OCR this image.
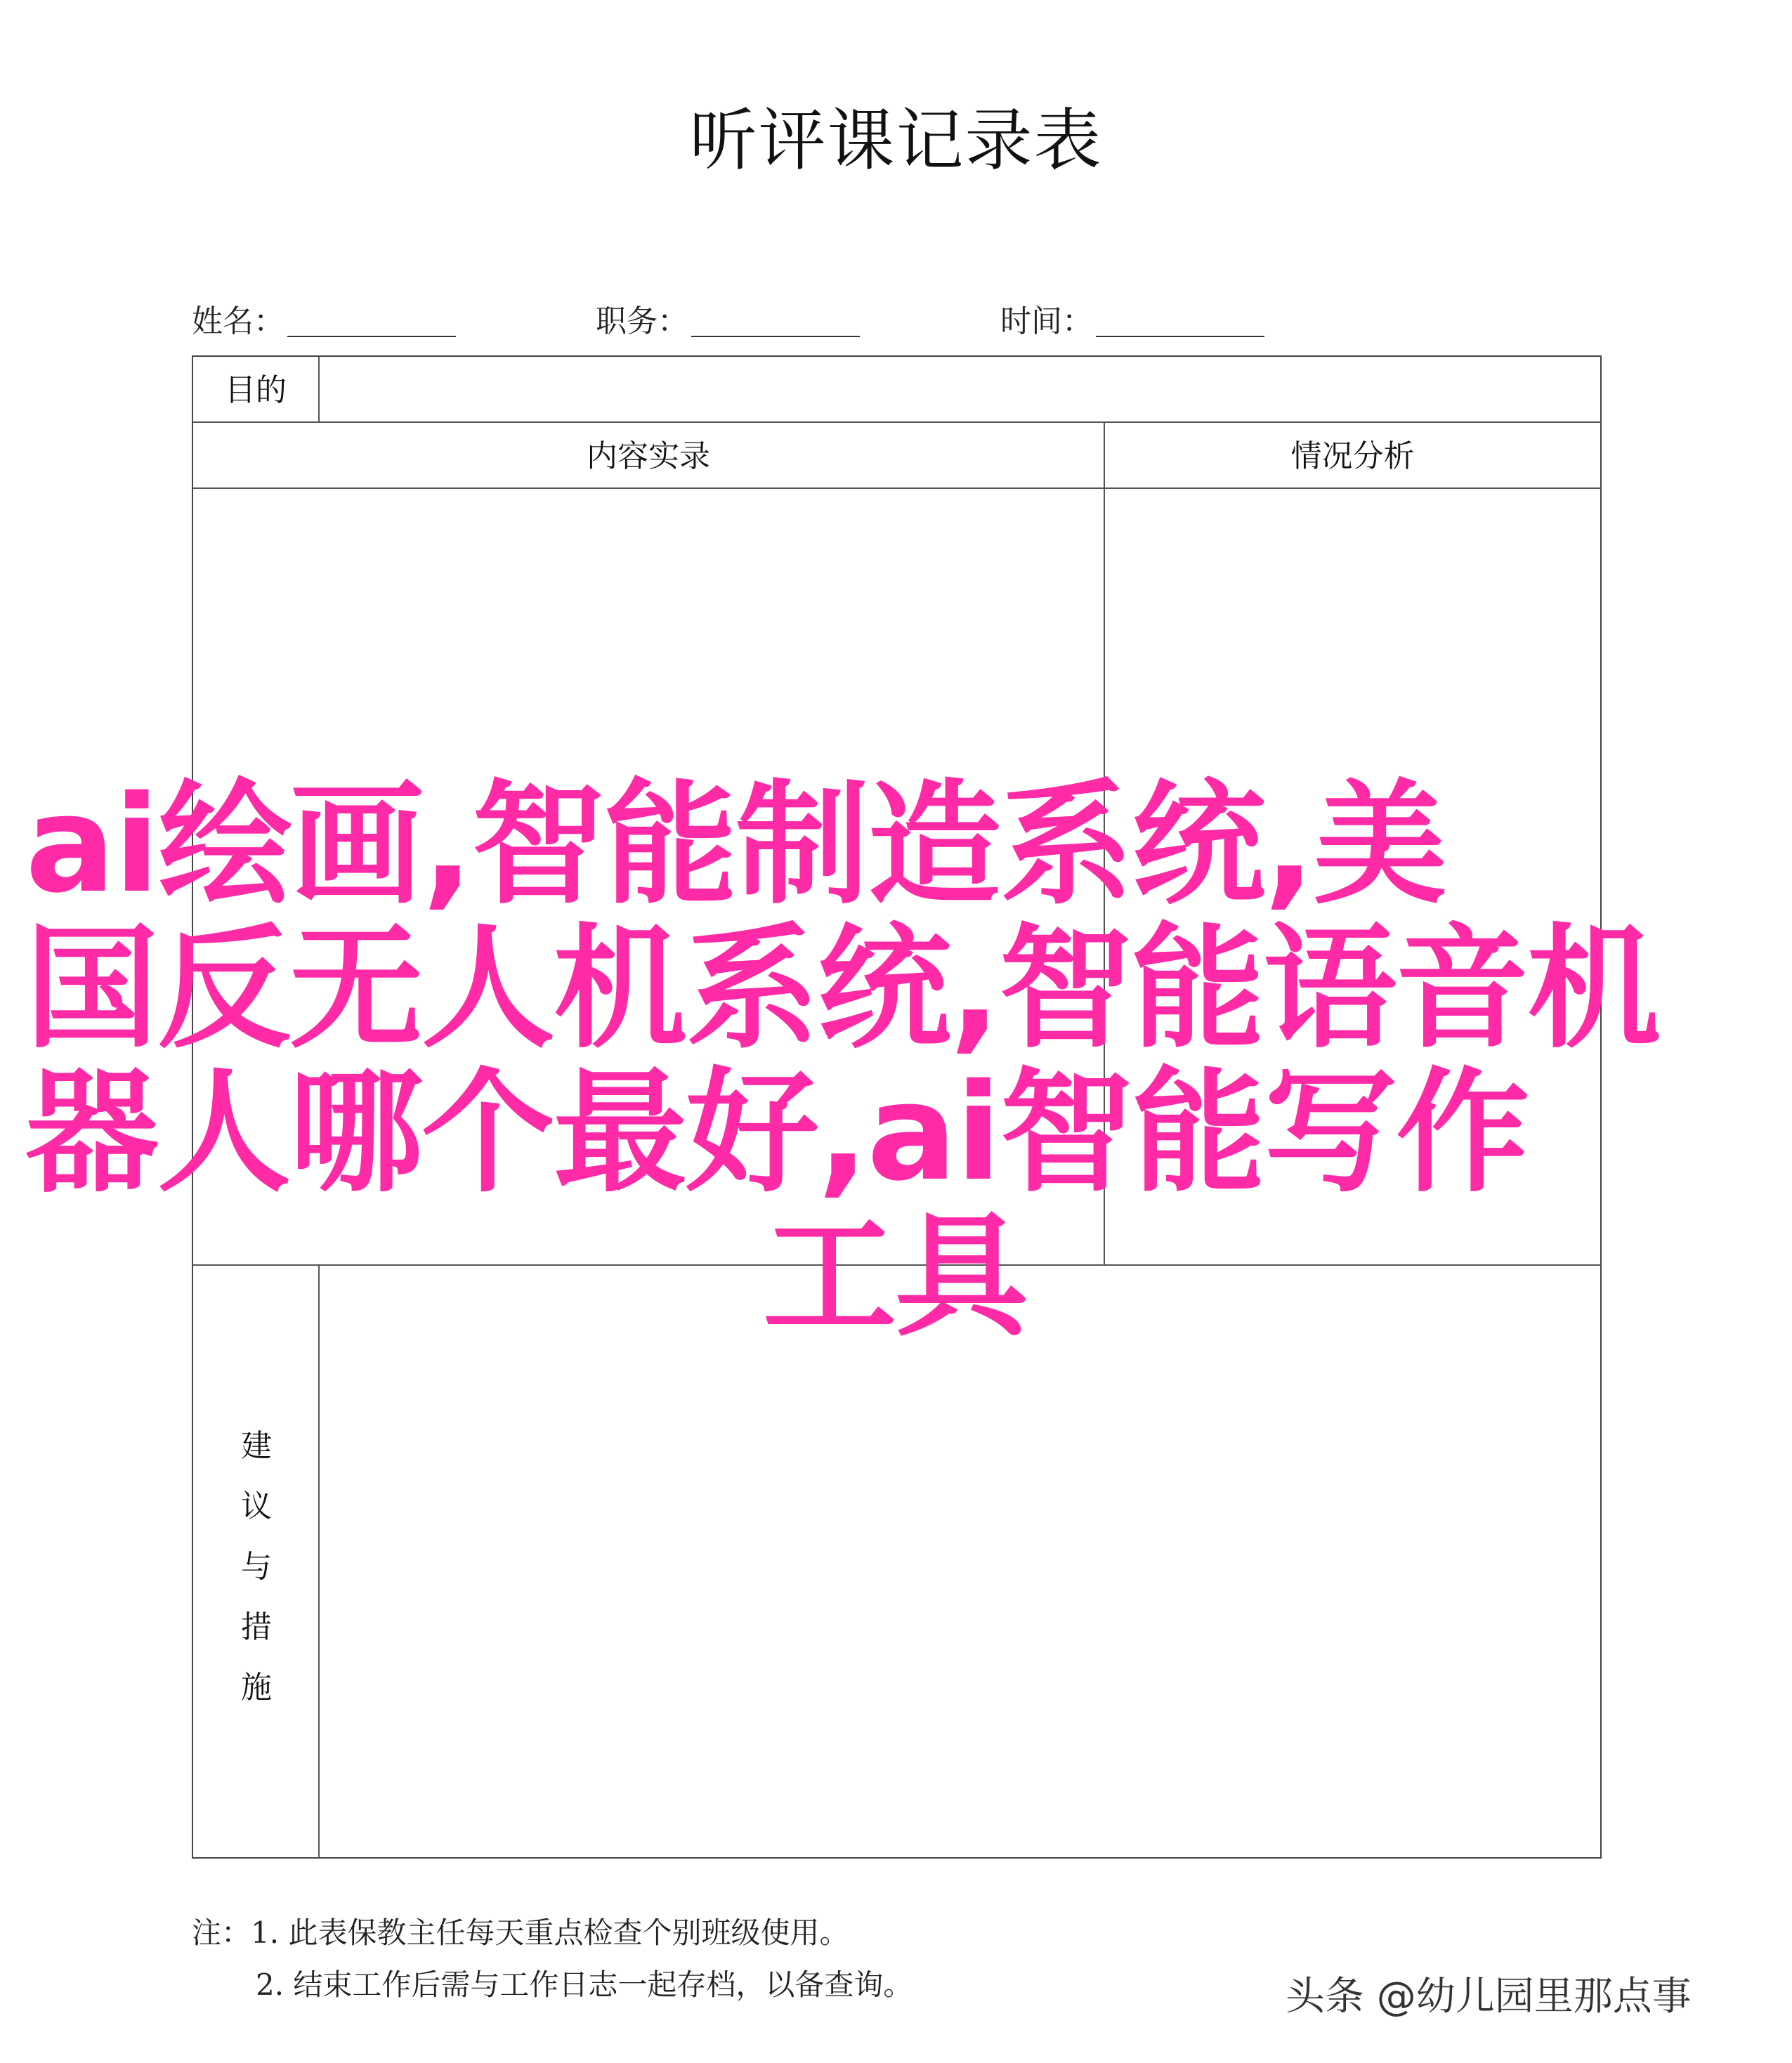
听评课记录表
姓名：	职务：	时间：
目的
内容实录	情况分析
建
议
与
措
施
注：1. 此表保教主任每天重点检查个别班级使用。
2. 结束工作后需与工作日志一起存档，以备查询。
ai绘画,智能制造系统,美
国反无人机系统,智能语音机
器人哪个最好,ai智能写作
工具
头条 @幼儿园里那点事
